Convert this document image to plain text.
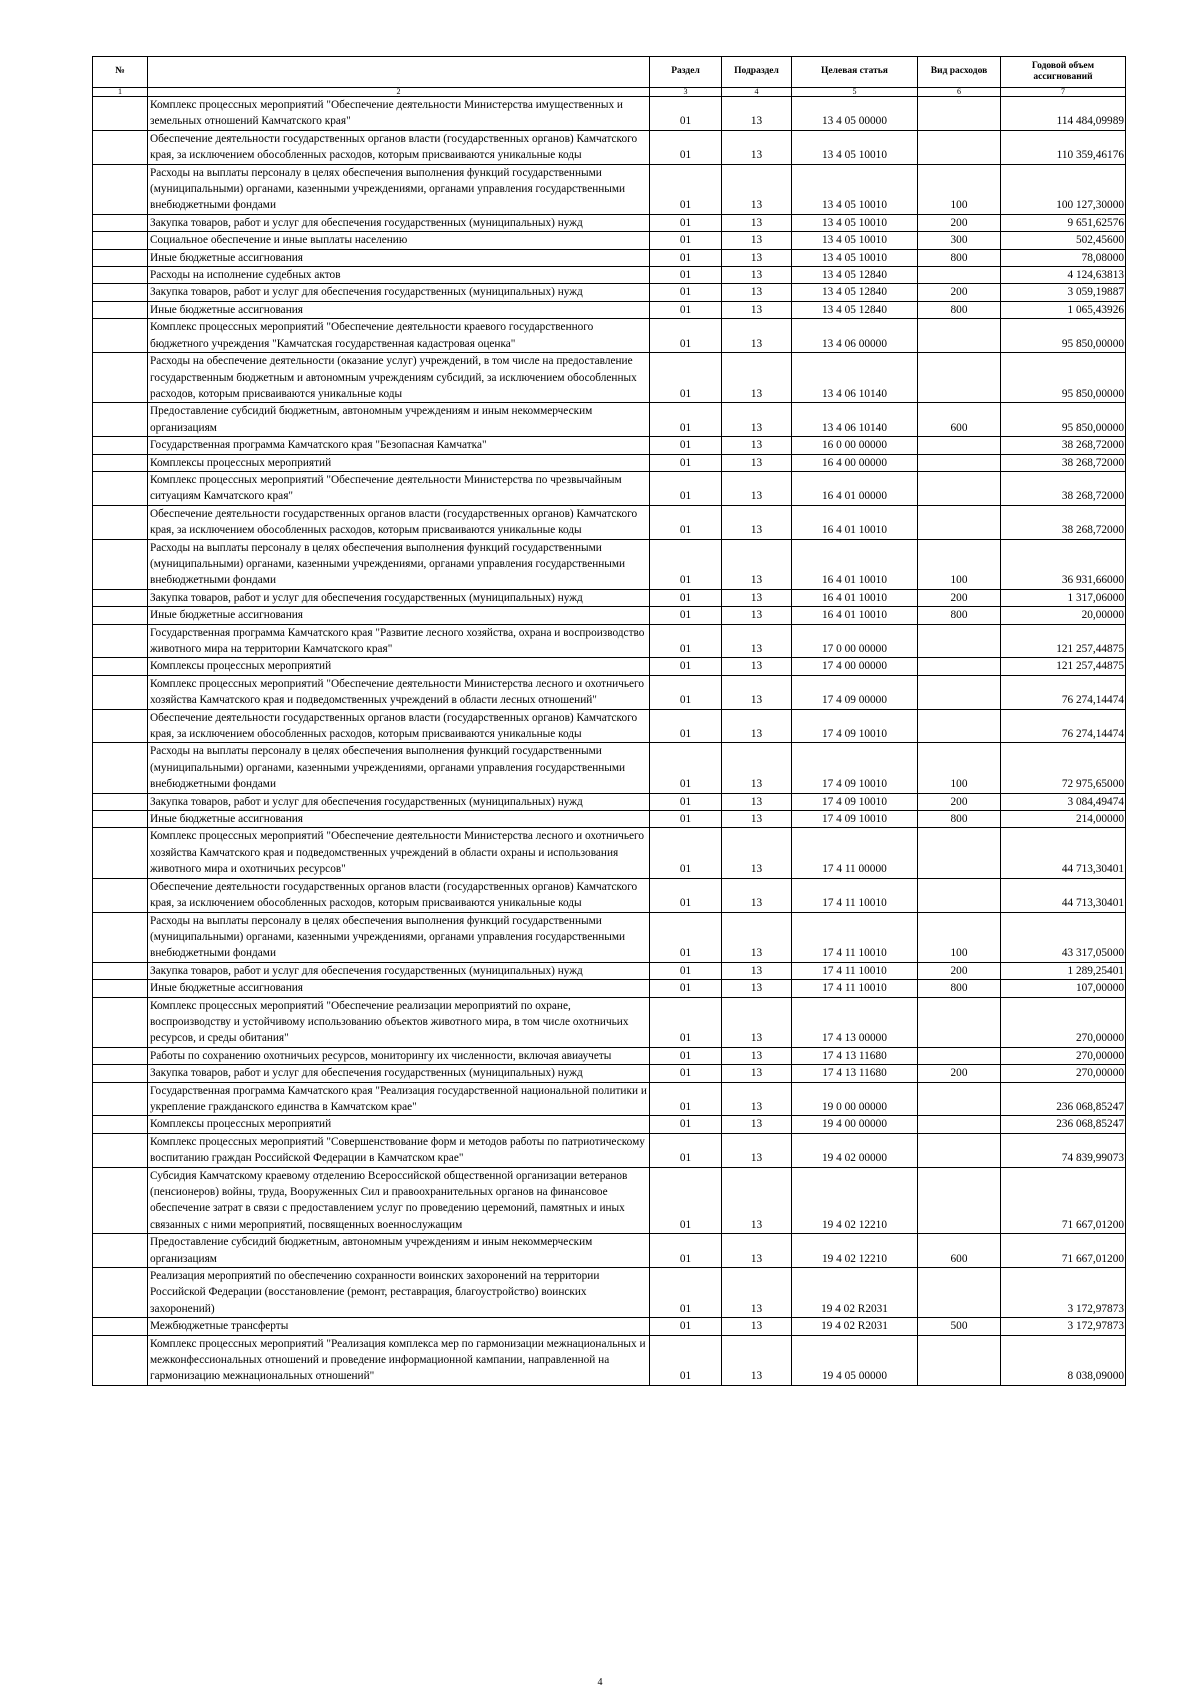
№		Раздел	Подраздел	Целевая статья	Вид расходов	Годовой объем ассигнований
1	2	3	4	5	6	7
	Комплекс процессных мероприятий "Обеспечение деятельности Министерства имущественных и земельных отношений Камчатского края"	01	13	13 4 05 00000		114 484,09989
	Обеспечение деятельности государственных органов власти (государственных органов) Камчатского края, за исключением обособленных расходов, которым присваиваются уникальные коды	01	13	13 4 05 10010		110 359,46176
	Расходы на выплаты персоналу в целях обеспечения выполнения функций государственными (муниципальными) органами, казенными учреждениями, органами управления государственными внебюджетными фондами	01	13	13 4 05 10010	100	100 127,30000
	Закупка товаров, работ и услуг для обеспечения государственных (муниципальных) нужд	01	13	13 4 05 10010	200	9 651,62576
	Социальное обеспечение и иные выплаты населению	01	13	13 4 05 10010	300	502,45600
	Иные бюджетные ассигнования	01	13	13 4 05 10010	800	78,08000
	Расходы на исполнение судебных актов	01	13	13 4 05 12840		4 124,63813
	Закупка товаров, работ и услуг для обеспечения государственных (муниципальных) нужд	01	13	13 4 05 12840	200	3 059,19887
	Иные бюджетные ассигнования	01	13	13 4 05 12840	800	1 065,43926
	Комплекс процессных мероприятий "Обеспечение деятельности краевого государственного бюджетного учреждения "Камчатская государственная кадастровая оценка"	01	13	13 4 06 00000		95 850,00000
	Расходы на обеспечение деятельности (оказание услуг) учреждений, в том числе на предоставление государственным бюджетным и автономным учреждениям субсидий, за исключением обособленных расходов, которым присваиваются уникальные коды	01	13	13 4 06 10140		95 850,00000
	Предоставление субсидий бюджетным, автономным учреждениям и иным некоммерческим организациям	01	13	13 4 06 10140	600	95 850,00000
	Государственная программа Камчатского края "Безопасная Камчатка"	01	13	16 0 00 00000		38 268,72000
	Комплексы процессных мероприятий	01	13	16 4 00 00000		38 268,72000
	Комплекс процессных мероприятий "Обеспечение деятельности Министерства по чрезвычайным ситуациям Камчатского края"	01	13	16 4 01 00000		38 268,72000
	Обеспечение деятельности государственных органов власти (государственных органов) Камчатского края, за исключением обособленных расходов, которым присваиваются уникальные коды	01	13	16 4 01 10010		38 268,72000
	Расходы на выплаты персоналу в целях обеспечения выполнения функций государственными (муниципальными) органами, казенными учреждениями, органами управления государственными внебюджетными фондами	01	13	16 4 01 10010	100	36 931,66000
	Закупка товаров, работ и услуг для обеспечения государственных (муниципальных) нужд	01	13	16 4 01 10010	200	1 317,06000
	Иные бюджетные ассигнования	01	13	16 4 01 10010	800	20,00000
	Государственная программа Камчатского края "Развитие лесного хозяйства, охрана и воспроизводство животного мира на территории Камчатского края"	01	13	17 0 00 00000		121 257,44875
	Комплексы процессных мероприятий	01	13	17 4 00 00000		121 257,44875
	Комплекс процессных мероприятий "Обеспечение деятельности Министерства лесного и охотничьего хозяйства Камчатского края и подведомственных учреждений в области лесных отношений"	01	13	17 4 09 00000		76 274,14474
	Обеспечение деятельности государственных органов власти (государственных органов) Камчатского края, за исключением обособленных расходов, которым присваиваются уникальные коды	01	13	17 4 09 10010		76 274,14474
	Расходы на выплаты персоналу в целях обеспечения выполнения функций государственными (муниципальными) органами, казенными учреждениями, органами управления государственными внебюджетными фондами	01	13	17 4 09 10010	100	72 975,65000
	Закупка товаров, работ и услуг для обеспечения государственных (муниципальных) нужд	01	13	17 4 09 10010	200	3 084,49474
	Иные бюджетные ассигнования	01	13	17 4 09 10010	800	214,00000
	Комплекс процессных мероприятий "Обеспечение деятельности Министерства лесного и охотничьего хозяйства Камчатского края и подведомственных учреждений в области охраны и использования животного мира и охотничьих ресурсов"	01	13	17 4 11 00000		44 713,30401
	Обеспечение деятельности государственных органов власти (государственных органов) Камчатского края, за исключением обособленных расходов, которым присваиваются уникальные коды	01	13	17 4 11 10010		44 713,30401
	Расходы на выплаты персоналу в целях обеспечения выполнения функций государственными (муниципальными) органами, казенными учреждениями, органами управления государственными внебюджетными фондами	01	13	17 4 11 10010	100	43 317,05000
	Закупка товаров, работ и услуг для обеспечения государственных (муниципальных) нужд	01	13	17 4 11 10010	200	1 289,25401
	Иные бюджетные ассигнования	01	13	17 4 11 10010	800	107,00000
	Комплекс процессных мероприятий "Обеспечение реализации мероприятий по охране, воспроизводству и устойчивому использованию объектов животного мира, в том числе охотничьих ресурсов, и среды обитания"	01	13	17 4 13 00000		270,00000
	Работы по сохранению охотничьих ресурсов, мониторингу их численности, включая авиаучеты	01	13	17 4 13 11680		270,00000
	Закупка товаров, работ и услуг для обеспечения государственных (муниципальных) нужд	01	13	17 4 13 11680	200	270,00000
	Государственная программа Камчатского края "Реализация государственной национальной политики и укрепление гражданского единства в Камчатском крае"	01	13	19 0 00 00000		236 068,85247
	Комплексы процессных мероприятий	01	13	19 4 00 00000		236 068,85247
	Комплекс процессных мероприятий "Совершенствование форм и методов работы по патриотическому воспитанию граждан Российской Федерации в Камчатском крае"	01	13	19 4 02 00000		74 839,99073
	Субсидия Камчатскому краевому отделению Всероссийской общественной организации ветеранов (пенсионеров) войны, труда, Вооруженных Сил и правоохранительных органов на финансовое обеспечение затрат в связи с предоставлением услуг по проведению церемоний, памятных и иных связанных с ними мероприятий, посвященных военнослужащим	01	13	19 4 02 12210		71 667,01200
	Предоставление субсидий бюджетным, автономным учреждениям и иным некоммерческим организациям	01	13	19 4 02 12210	600	71 667,01200
	Реализация мероприятий по обеспечению сохранности воинских захоронений на территории Российской Федерации (восстановление (ремонт, реставрация, благоустройство) воинских захоронений)	01	13	19 4 02 R2031		3 172,97873
	Межбюджетные трансферты	01	13	19 4 02 R2031	500	3 172,97873
	Комплекс процессных мероприятий "Реализация комплекса мер по гармонизации межнациональных и межконфессиональных отношений и проведение информационной кампании, направленной на гармонизацию межнациональных отношений"	01	13	19 4 05 00000		8 038,09000
4
